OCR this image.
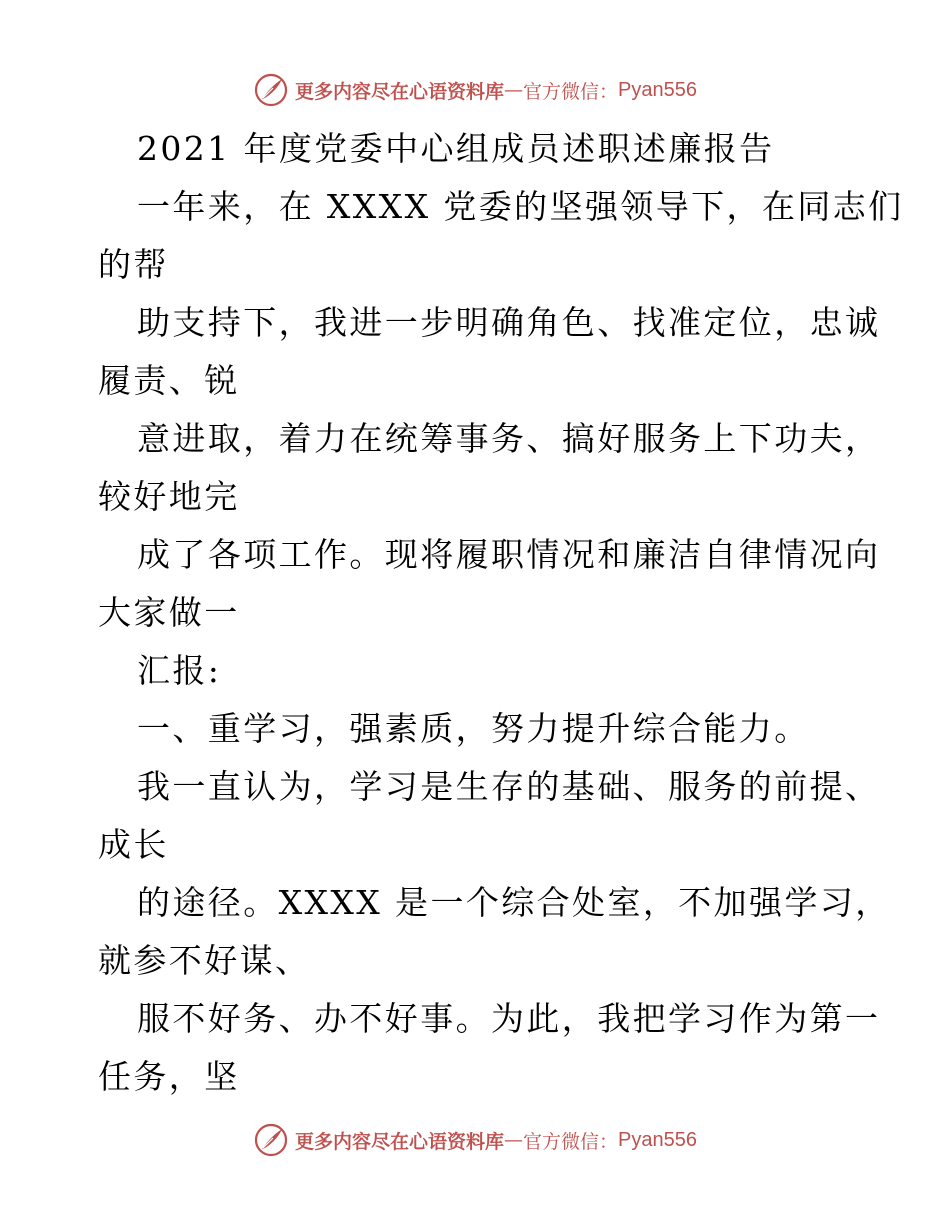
更多内容尽在心语资料库 — 官方微信： Pyan556
2021 年度党委中心组成员述职述廉报告
一年来，在 XXXX 党委的坚强领导下，在同志们
的帮
助支持下，我进一步明确角色、找准定位，忠诚
履责、锐
意进取，着力在统筹事务、搞好服务上下功夫，
较好地完
成了各项工作。现将履职情况和廉洁自律情况向
大家做一
汇报:
一、重学习，强素质，努力提升综合能力。
我一直认为，学习是生存的基础、服务的前提、
成长
的途径。XXXX 是一个综合处室，不加强学习，
就参不好谋、
服不好务、办不好事。为此，我把学习作为第一
任务，坚
更多内容尽在心语资料库 — 官方微信： Pyan556
